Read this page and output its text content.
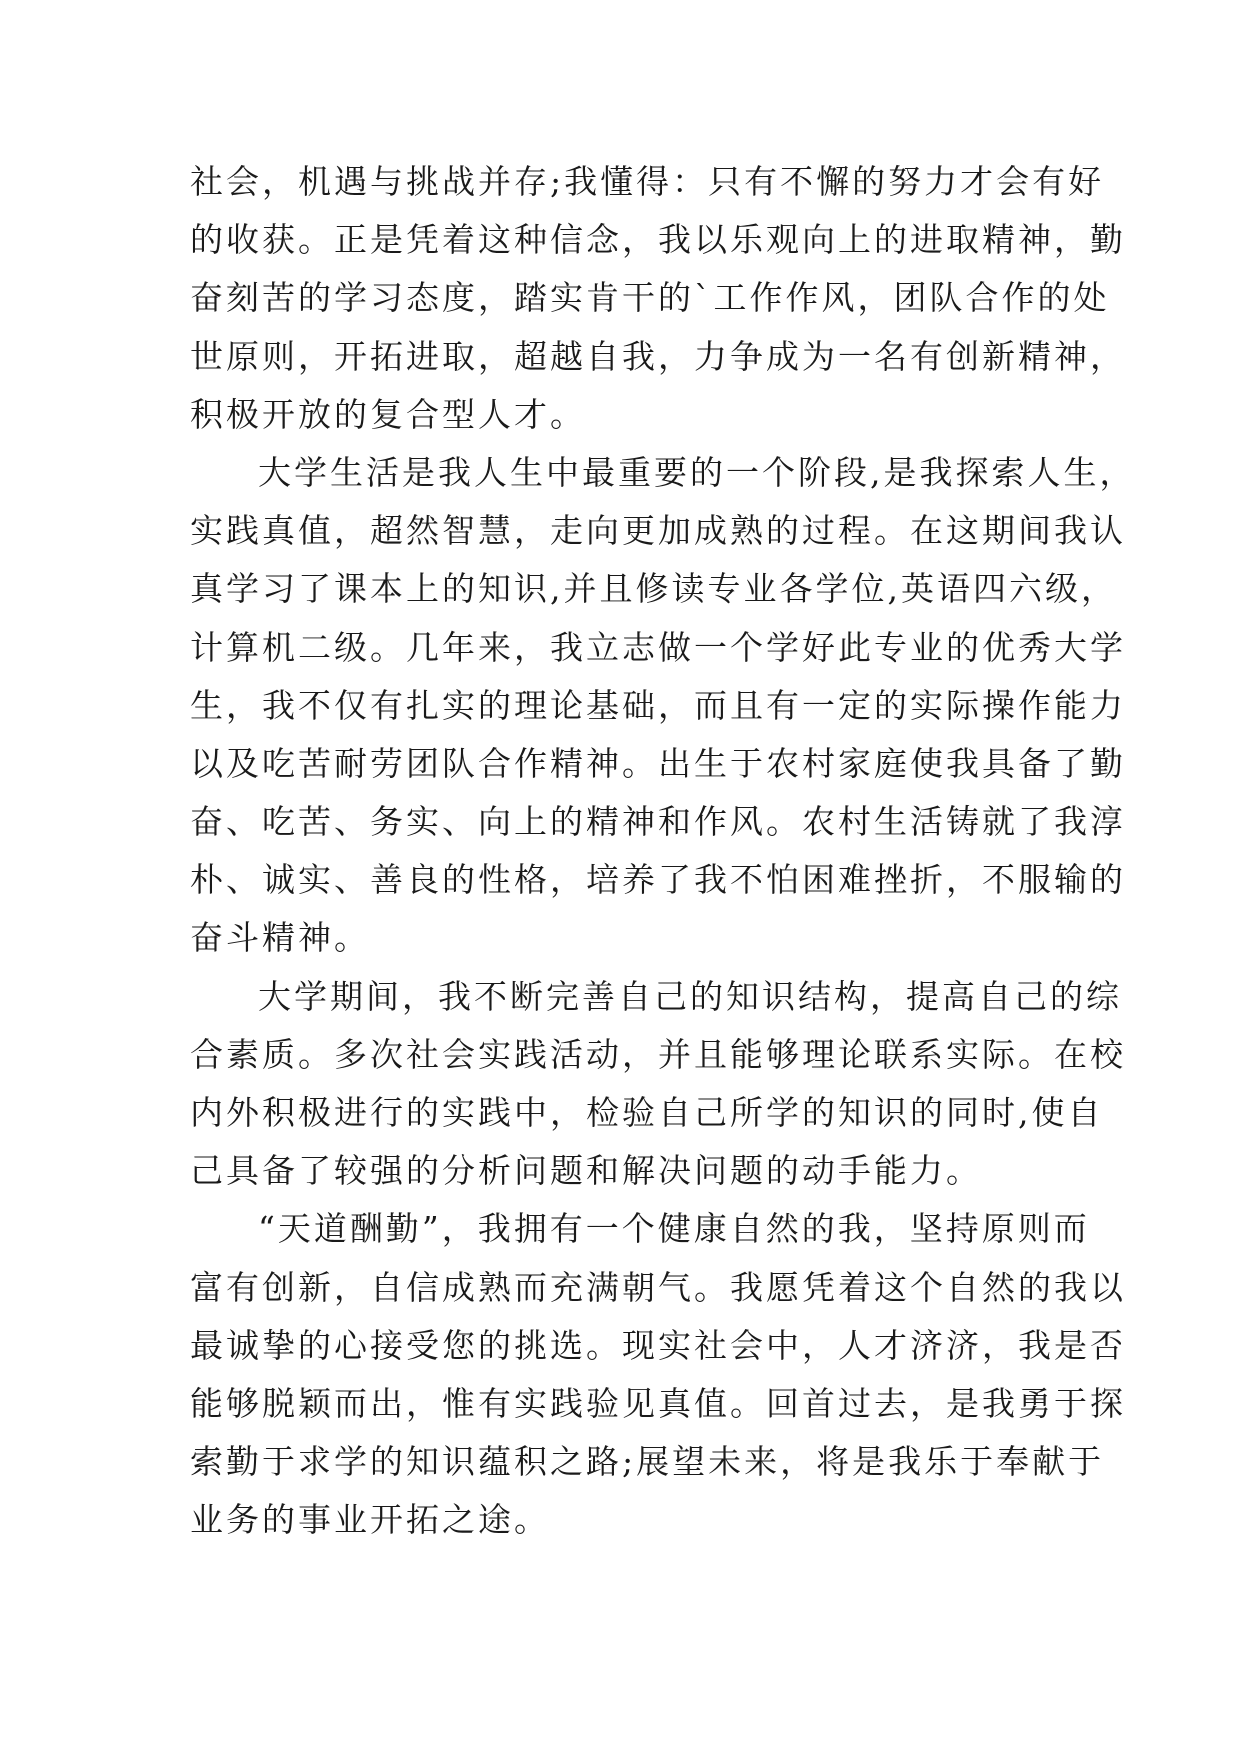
社会，机遇与挑战并存;我懂得：只有不懈的努力才会有好
的收获。正是凭着这种信念，我以乐观向上的进取精神，勤
奋刻苦的学习态度，踏实肯干的`工作作风，团队合作的处
世原则，开拓进取，超越自我，力争成为一名有创新精神，
积极开放的复合型人才。
大学生活是我人生中最重要的一个阶段,是我探索人生，
实践真值，超然智慧，走向更加成熟的过程。在这期间我认
真学习了课本上的知识,并且修读专业各学位,英语四六级，
计算机二级。几年来，我立志做一个学好此专业的优秀大学
生，我不仅有扎实的理论基础，而且有一定的实际操作能力
以及吃苦耐劳团队合作精神。出生于农村家庭使我具备了勤
奋、吃苦、务实、向上的精神和作风。农村生活铸就了我淳
朴、诚实、善良的性格，培养了我不怕困难挫折，不服输的
奋斗精神。
大学期间，我不断完善自己的知识结构，提高自己的综
合素质。多次社会实践活动，并且能够理论联系实际。在校
内外积极进行的实践中，检验自己所学的知识的同时,使自
己具备了较强的分析问题和解决问题的动手能力。
“天道酬勤”，我拥有一个健康自然的我，坚持原则而
富有创新，自信成熟而充满朝气。我愿凭着这个自然的我以
最诚挚的心接受您的挑选。现实社会中，人才济济，我是否
能够脱颖而出，惟有实践验见真值。回首过去，是我勇于探
索勤于求学的知识蕴积之路;展望未来，将是我乐于奉献于
业务的事业开拓之途。
